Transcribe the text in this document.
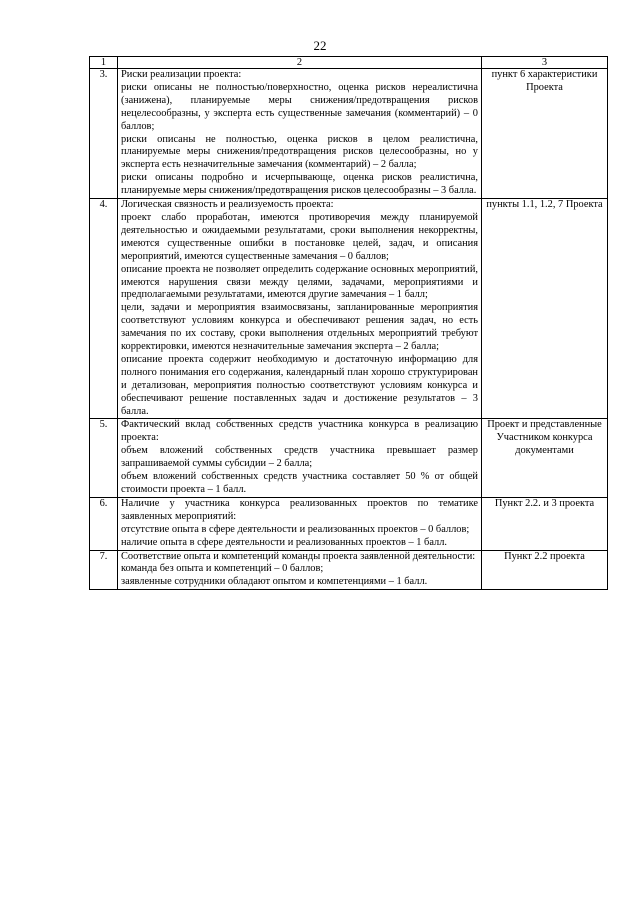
22
1	2	3
3.	Риски реализации проекта:
риски описаны не полностью/поверхностно, оценка рисков нереалистична (занижена), планируемые меры снижения/предотвращения рисков нецелесообразны, у эксперта есть существенные замечания (комментарий) – 0 баллов;
риски описаны не полностью, оценка рисков в целом реалистична, планируемые меры снижения/предотвращения рисков целесообразны, но у эксперта есть незначительные замечания (комментарий) – 2 балла;
риски описаны подробно и исчерпывающе, оценка рисков реалистична, планируемые меры снижения/предотвращения рисков целесообразны – 3 балла.	пункт 6 характеристики Проекта
4.	Логическая связность и реализуемость проекта:
проект слабо проработан, имеются противоречия между планируемой деятельностью и ожидаемыми результатами, сроки выполнения некорректны, имеются существенные ошибки в постановке целей, задач, и описания мероприятий, имеются существенные замечания – 0 баллов;
описание проекта не позволяет определить содержание основных мероприятий, имеются нарушения связи между целями, задачами, мероприятиями и предполагаемыми результатами, имеются другие замечания – 1 балл;
цели, задачи и мероприятия взаимосвязаны, запланированные мероприятия соответствуют условиям конкурса и обеспечивают решения задач, но есть замечания по их составу, сроки выполнения отдельных мероприятий требуют корректировки, имеются незначительные замечания эксперта – 2 балла;
описание проекта содержит необходимую и достаточную информацию для полного понимания его содержания, календарный план хорошо структурирован и детализован, мероприятия полностью соответствуют условиям конкурса и обеспечивают решение поставленных задач и достижение результатов – 3 балла.	пункты 1.1, 1.2, 7 Проекта
5.	Фактический вклад собственных средств участника конкурса в реализацию проекта:
объем вложений собственных средств участника превышает размер запрашиваемой суммы субсидии – 2 балла;
объем вложений собственных средств участника составляет 50 % от общей стоимости проекта – 1 балл.	Проект и представленные Участником конкурса документами
6.	Наличие у участника конкурса реализованных проектов по тематике заявленных мероприятий:
отсутствие опыта в сфере деятельности и реализованных проектов – 0 баллов;
наличие опыта в сфере деятельности и реализованных проектов – 1 балл.	Пункт 2.2. и 3 проекта
7.	Соответствие опыта и компетенций команды проекта заявленной деятельности:
команда без опыта и компетенций – 0 баллов;
заявленные сотрудники обладают опытом и компетенциями – 1 балл.	Пункт 2.2 проекта
